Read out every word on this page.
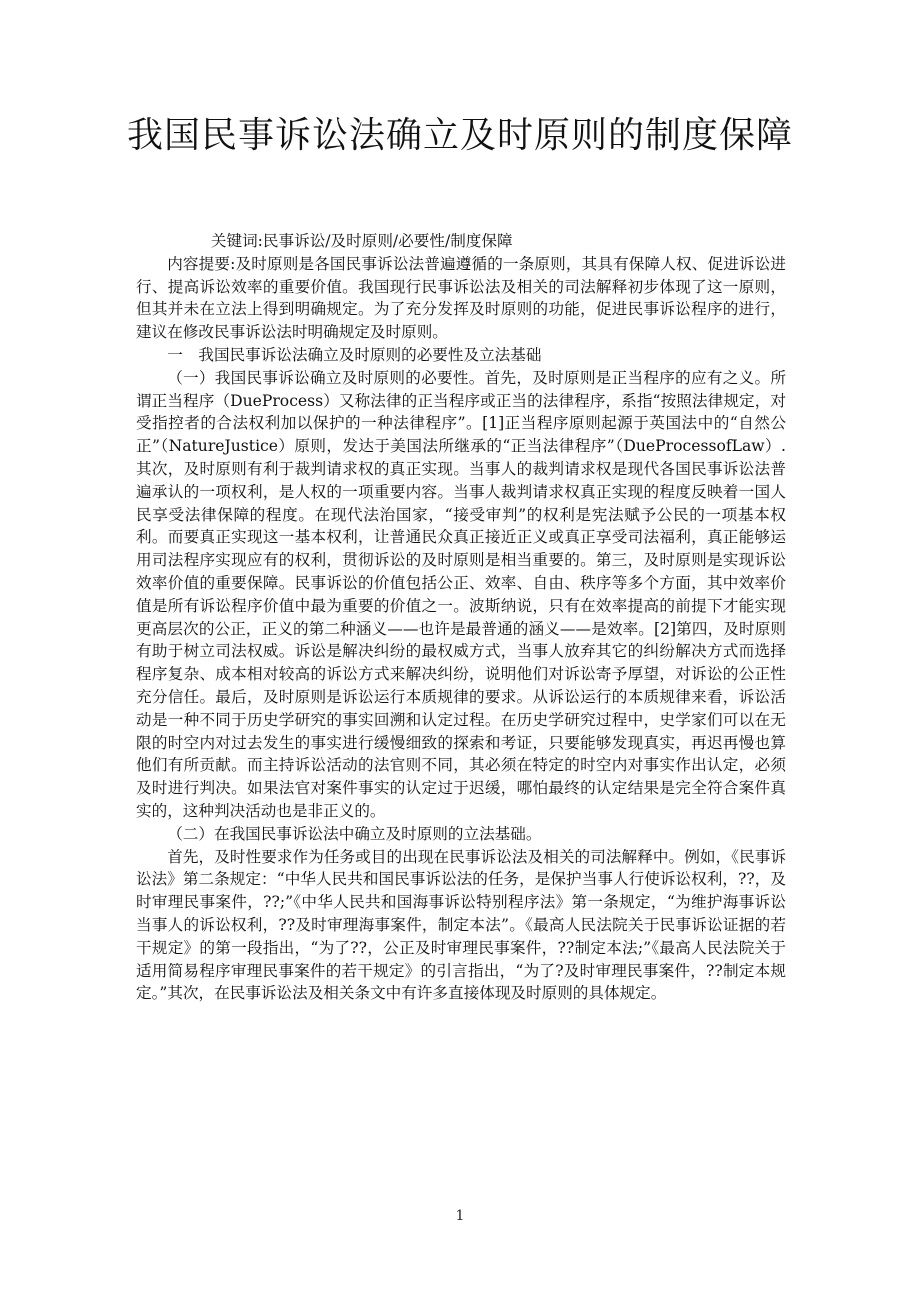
我国民事诉讼法确立及时原则的制度保障

关键词:民事诉讼/及时原则/必要性/制度保障

内容提要:及时原则是各国民事诉讼法普遍遵循的一条原则，其具有保障人权、促进诉讼进行、提高诉讼效率的重要价值。我国现行民事诉讼法及相关的司法解释初步体现了这一原则，但其并未在立法上得到明确规定。为了充分发挥及时原则的功能，促进民事诉讼程序的进行，建议在修改民事诉讼法时明确规定及时原则。

一　我国民事诉讼法确立及时原则的必要性及立法基础

（一）我国民事诉讼确立及时原则的必要性。首先，及时原则是正当程序的应有之义。所谓正当程序（DueProcess）又称法律的正当程序或正当的法律程序，系指“按照法律规定，对受指控者的合法权利加以保护的一种法律程序”。[1]正当程序原则起源于英国法中的“自然公正”（NatureJustice）原则，发达于美国法所继承的“正当法律程序”（DueProcessofLaw）.其次，及时原则有利于裁判请求权的真正实现。当事人的裁判请求权是现代各国民事诉讼法普遍承认的一项权利，是人权的一项重要内容。当事人裁判请求权真正实现的程度反映着一国人民享受法律保障的程度。在现代法治国家，“接受审判”的权利是宪法赋予公民的一项基本权利。而要真正实现这一基本权利，让普通民众真正接近正义或真正享受司法福利，真正能够运用司法程序实现应有的权利，贯彻诉讼的及时原则是相当重要的。第三，及时原则是实现诉讼效率价值的重要保障。民事诉讼的价值包括公正、效率、自由、秩序等多个方面，其中效率价值是所有诉讼程序价值中最为重要的价值之一。波斯纳说，只有在效率提高的前提下才能实现更高层次的公正，正义的第二种涵义——也许是最普通的涵义——是效率。[2]第四，及时原则有助于树立司法权威。诉讼是解决纠纷的最权威方式，当事人放弃其它的纠纷解决方式而选择程序复杂、成本相对较高的诉讼方式来解决纠纷，说明他们对诉讼寄予厚望，对诉讼的公正性充分信任。最后，及时原则是诉讼运行本质规律的要求。从诉讼运行的本质规律来看，诉讼活动是一种不同于历史学研究的事实回溯和认定过程。在历史学研究过程中，史学家们可以在无限的时空内对过去发生的事实进行缓慢细致的探索和考证，只要能够发现真实，再迟再慢也算他们有所贡献。而主持诉讼活动的法官则不同，其必须在特定的时空内对事实作出认定，必须及时进行判决。如果法官对案件事实的认定过于迟缓，哪怕最终的认定结果是完全符合案件真实的，这种判决活动也是非正义的。

（二）在我国民事诉讼法中确立及时原则的立法基础。

首先，及时性要求作为任务或目的出现在民事诉讼法及相关的司法解释中。例如，《民事诉讼法》第二条规定：“中华人民共和国民事诉讼法的任务，是保护当事人行使诉讼权利，??，及时审理民事案件，??;”《中华人民共和国海事诉讼特别程序法》第一条规定，“为维护海事诉讼当事人的诉讼权利，??及时审理海事案件，制定本法”。《最高人民法院关于民事诉讼证据的若干规定》的第一段指出，“为了??，公正及时审理民事案件，??制定本法;”《最高人民法院关于适用简易程序审理民事案件的若干规定》的引言指出，“为了?及时审理民事案件，??制定本规定。”其次，在民事诉讼法及相关条文中有许多直接体现及时原则的具体规定。

1
